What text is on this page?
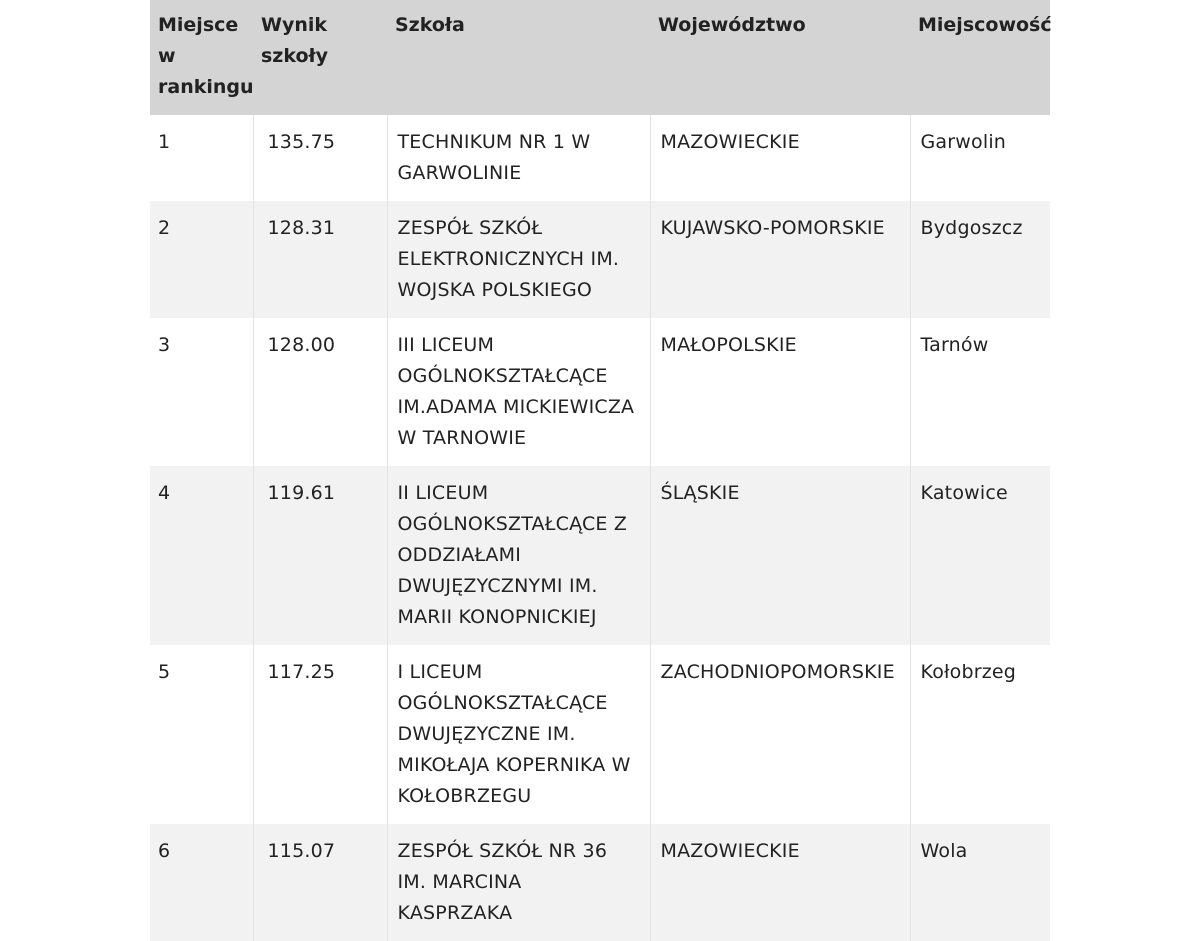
Miejsce w rankingu	Wynik szkoły	Szkoła	Województwo	Miejscowość
1	135.75	TECHNIKUM NR 1 W GARWOLINIE	MAZOWIECKIE	Garwolin
2	128.31	ZESPÓŁ SZKÓŁ ELEKTRONICZNYCH IM. WOJSKA POLSKIEGO	KUJAWSKO-POMORSKIE	Bydgoszcz
3	128.00	III LICEUM OGÓLNOKSZTAŁCĄCE IM.ADAMA MICKIEWICZA W TARNOWIE	MAŁOPOLSKIE	Tarnów
4	119.61	II LICEUM OGÓLNOKSZTAŁCĄCE Z ODDZIAŁAMI DWUJĘZYCZNYMI IM. MARII KONOPNICKIEJ	ŚLĄSKIE	Katowice
5	117.25	I LICEUM OGÓLNOKSZTAŁCĄCE DWUJĘZYCZNE IM. MIKOŁAJA KOPERNIKA W KOŁOBRZEGU	ZACHODNIOPOMORSKIE	Kołobrzeg
6	115.07	ZESPÓŁ SZKÓŁ NR 36 IM. MARCINA KASPRZAKA	MAZOWIECKIE	Wola
